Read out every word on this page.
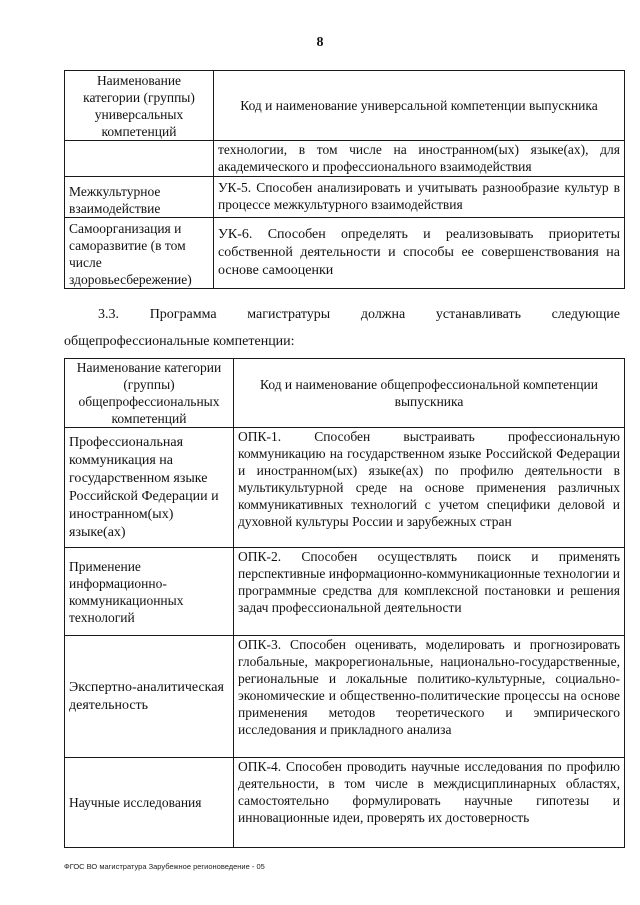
8
Наименование категории (группы) универсальных компетенций	Код и наименование универсальной компетенции выпускника
	технологии, в том числе на иностранном(ых) языке(ах), для академического и профессионального взаимодействия
Межкультурное взаимодействие	УК-5. Способен анализировать и учитывать разнообразие культур в процессе межкультурного взаимодействия
Самоорганизация и саморазвитие (в том числе здоровьесбережение)	УК-6. Способен определять и реализовывать приоритеты собственной деятельности и способы ее совершенствования на основе самооценки
3.3. Программа магистратуры должна устанавливать следующие
общепрофессиональные компетенции:
Наименование категории (группы) общепрофессиональных компетенций	Код и наименование общепрофессиональной компетенции выпускника
Профессиональная коммуникация на государственном языке Российской Федерации и иностранном(ых) языке(ах)	ОПК-1. Способен выстраивать профессиональную коммуникацию на государственном языке Российской Федерации и иностранном(ых) языке(ах) по профилю деятельности в мультикультурной среде на основе применения различных коммуникативных технологий с учетом специфики деловой и духовной культуры России и зарубежных стран
Применение информационно-коммуникационных технологий	ОПК-2. Способен осуществлять поиск и применять перспективные информационно-коммуникационные технологии и программные средства для комплексной постановки и решения задач профессиональной деятельности
Экспертно-аналитическая деятельность	ОПК-3. Способен оценивать, моделировать и прогнозировать глобальные, макрорегиональные, национально-государственные, региональные и локальные политико-культурные, социально-экономические и общественно-политические процессы на основе применения методов теоретического и эмпирического исследования и прикладного анализа
Научные исследования	ОПК-4. Способен проводить научные исследования по профилю деятельности, в том числе в междисциплинарных областях, самостоятельно формулировать научные гипотезы и инновационные идеи, проверять их достоверность
ФГОС ВО магистратура Зарубежное регионоведение - 05
